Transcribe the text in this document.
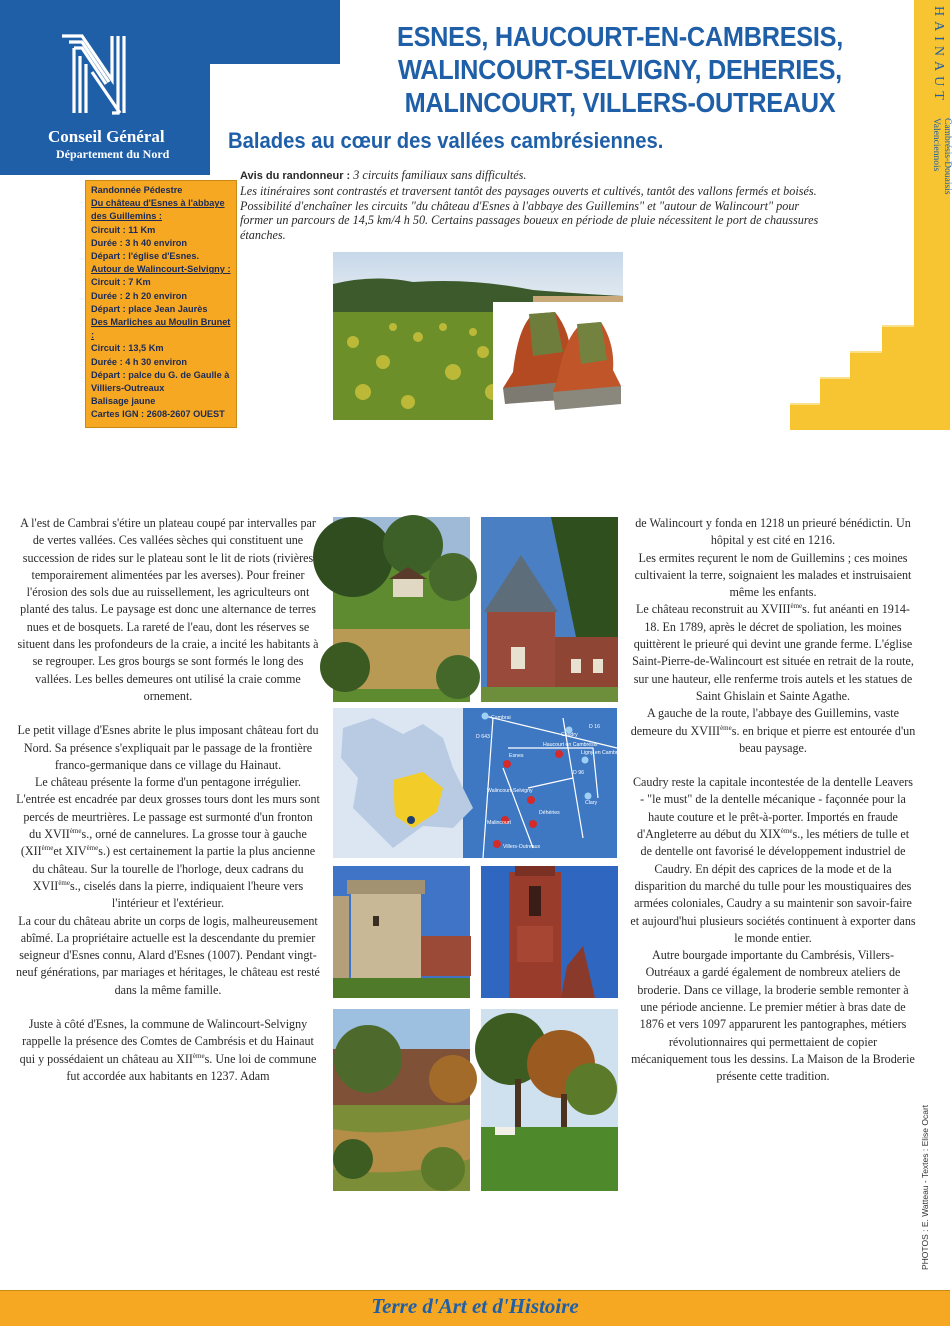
Conseil Général
Département du Nord
ESNES, HAUCOURT-EN-CAMBRESIS,
WALINCOURT-SELVIGNY, DEHERIES,
MALINCOURT, VILLERS-OUTREAUX
Balades au cœur des vallées cambrésiennes.
HAINAUT
Cambrésis-Douaisis
Valenciennois
Randonnée Pédestre
Du château d'Esnes à l'abbaye des Guillemins :
Circuit : 11 Km
Durée : 3 h 40 environ
Départ : l'église d'Esnes.
Autour de Walincourt-Selvigny :
Circuit : 7 Km
Durée : 2 h 20 environ
Départ : place Jean Jaurès
Des Marliches au Moulin Brunet :
Circuit : 13,5 Km
Durée : 4 h 30 environ
Départ : palce du G. de Gaulle à Villiers-Outreaux
Balisage jaune
Cartes IGN : 2608-2607 OUEST
Avis du randonneur : 3 circuits familiaux sans difficultés.
Les itinéraires sont contrastés et traversent tantôt des paysages ouverts et cultivés, tantôt des vallons fermés et boisés. Possibilité d'enchaîner les circuits "du château d'Esnes à l'abbaye des Guillemins" et "autour de Walincourt" pour former un parcours de 14,5 km/4 h 50. Certains passages boueux en période de pluie nécessitent le port de chaussures étanches.

A l'est de Cambrai s'étire un plateau coupé par intervalles par de vertes vallées. Ces vallées sèches qui constituent une succession de rides sur le plateau sont le lit de riots (rivières temporairement alimentées par les averses). Pour freiner l'érosion des sols due au ruissellement, les agriculteurs ont planté des talus. Le paysage est donc une alternance de terres nues et de bosquets. La rareté de l'eau, dont les réserves se situent dans les profondeurs de la craie, a incité les habitants à se regrouper. Les gros bourgs se sont formés le long des vallées. Les belles demeures ont utilisé la craie comme ornement.

Le petit village d'Esnes abrite le plus imposant château fort du Nord. Sa présence s'expliquait par le passage de la frontière franco-germanique dans ce village du Hainaut.

Le château présente la forme d'un pentagone irrégulier. L'entrée est encadrée par deux grosses tours dont les murs sont percés de meurtrières. Le passage est surmonté d'un fronton du XVIIèmes., orné de cannelures. La grosse tour à gauche (XIIèmeet XIVèmes.) est certainement la partie la plus ancienne du château. Sur la tourelle de l'horloge, deux cadrans du XVIIèmes., ciselés dans la pierre, indiquaient l'heure vers l'intérieur et l'extérieur.

La cour du château abrite un corps de logis, malheureusement abîmé. La propriétaire actuelle est la descendante du premier seigneur d'Esnes connu, Alard d'Esnes (1007). Pendant vingt-neuf générations, par mariages et héritages, le château est resté dans la même famille.

Juste à côté d'Esnes, la commune de Walincourt-Selvigny rappelle la présence des Comtes de Cambrésis et du Hainaut qui y possédaient un château au XIIèmes. Une loi de commune fut accordée aux habitants en 1237. Adam

Cambrai
Caudry
Haucourt en Cambrésis
Ligny en Cambrésis
Esnes
Walincourt-Selvigny
Déhéries
Clary
Malincourt
Villers-Outreaux
D 643
D 16
D 96

de Walincourt y fonda en 1218 un prieuré bénédictin. Un hôpital y est cité en 1216.

Les ermites reçurent le nom de Guillemins ; ces moines cultivaient la terre, soignaient les malades et instruisaient même les enfants.

Le château reconstruit au XVIIIèmes. fut anéanti en 1914-18. En 1789, après le décret de spoliation, les moines quittèrent le prieuré qui devint une grande ferme. L'église Saint-Pierre-de-Walincourt est située en retrait de la route, sur une hauteur, elle renferme trois autels et les statues de Saint Ghislain et Sainte Agathe.

A gauche de la route, l'abbaye des Guillemins, vaste demeure du XVIIIèmes. en brique et pierre est entourée d'un beau paysage.

Caudry reste la capitale incontestée de la dentelle Leavers - "le must" de la dentelle mécanique - façonnée pour la haute couture et le prêt-à-porter. Importés en fraude d'Angleterre au début du XIXèmes., les métiers de tulle et de dentelle ont favorisé le développement industriel de Caudry. En dépit des caprices de la mode et de la disparition du marché du tulle pour les moustiquaires des armées coloniales, Caudry a su maintenir son savoir-faire et aujourd'hui plusieurs sociétés continuent à exporter dans le monde entier.

Autre bourgade importante du Cambrésis, Villers-Outréaux a gardé également de nombreux ateliers de broderie. Dans ce village, la broderie semble remonter à une période ancienne. Le premier métier à bras date de 1876 et vers 1097 apparurent les pantographes, métiers révolutionnaires qui permettaient de copier mécaniquement tous les dessins. La Maison de la Broderie présente cette tradition.

PHOTOS : E. Watteau - Textes : Elise Ocart
Terre d'Art et d'Histoire
